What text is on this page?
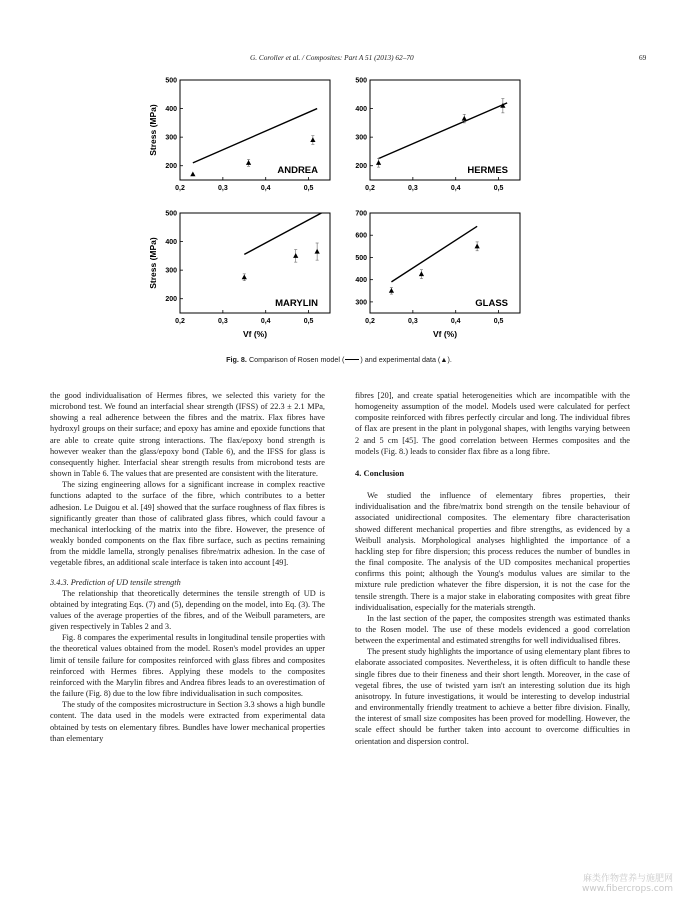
G. Coroller et al. / Composites: Part A 51 (2013) 62–70	69
0,2	0,3	0,4	0,5
200
300
400
500
ANDREA
Stress (MPa)
0,2	0,3	0,4	0,5
200
300
400
500
HERMES
0,2	0,3	0,4	0,5
200
300
400
500
MARYLIN
Stress (MPa)
Vf (%)
0,2	0,3	0,4	0,5
300
400
500
600
700
GLASS
Vf (%)
Fig. 8. Comparison of Rosen model ( ) and experimental data (▲).

the good individualisation of Hermes fibres, we selected this variety for the microbond test. We found an interfacial shear strength (IFSS) of 22.3 ± 2.1 MPa, showing a real adherence between the fibres and the matrix. Flax fibres have hydroxyl groups on their surface; and epoxy has amine and epoxide functions that are able to create quite strong interactions. The flax/epoxy bond strength is however weaker than the glass/epoxy bond (Table 6), and the IFSS for glass is consequently higher. Interfacial shear strength results from microbond tests are shown in Table 6. The values that are presented are consistent with the literature.

The sizing engineering allows for a significant increase in complex reactive functions adapted to the surface of the fibre, which contributes to a better adhesion. Le Duigou et al. [49] showed that the surface roughness of flax fibres is significantly greater than those of calibrated glass fibres, which could favour a mechanical interlocking of the matrix into the fibre. However, the presence of weakly bonded components on the flax fibre surface, such as pectins remaining from the middle lamella, strongly penalises fibre/matrix adhesion. In the case of vegetable fibres, an additional scale interface is taken into account [49].

3.4.3. Prediction of UD tensile strength

The relationship that theoretically determines the tensile strength of UD is obtained by integrating Eqs. (7) and (5), depending on the model, into Eq. (3). The values of the average properties of the fibres, and of the Weibull parameters, are given respectively in Tables 2 and 3.

Fig. 8 compares the experimental results in longitudinal tensile properties with the theoretical values obtained from the model. Rosen's model provides an upper limit of tensile failure for composites reinforced with glass fibres and composites reinforced with Hermes fibres. Applying these models to the composites reinforced with the Marylin fibres and Andrea fibres leads to an overestimation of the failure (Fig. 8) due to the low fibre individualisation in such composites.

The study of the composites microstructure in Section 3.3 shows a high bundle content. The data used in the models were extracted from experimental data obtained by tests on elementary fibres. Bundles have lower mechanical properties than elementary

fibres [20], and create spatial heterogeneities which are incompatible with the homogeneity assumption of the model. Models used were calculated for perfect composite reinforced with fibres perfectly circular and long. The individual fibres of flax are present in the plant in polygonal shapes, with lengths varying between 2 and 5 cm [45]. The good correlation between Hermes composites and the models (Fig. 8.) leads to consider flax fibre as a long fibre.

4. Conclusion

We studied the influence of elementary fibres properties, their individualisation and the fibre/matrix bond strength on the tensile behaviour of associated unidirectional composites. The elementary fibre characterisation showed different mechanical properties and fibre strengths, as evidenced by a Weibull analysis. Morphological analyses highlighted the importance of a hackling step for fibre dispersion; this process reduces the number of bundles in the final composite. The analysis of the UD composites mechanical properties confirms this point; although the Young's modulus values are similar to the mixture rule prediction whatever the fibre dispersion, it is not the case for the tensile strength. There is a major stake in elaborating composites with great fibre individualisation, especially for the materials strength.

In the last section of the paper, the composites strength was estimated thanks to the Rosen model. The use of these models evidenced a good correlation between the experimental and estimated strengths for well individualised fibres.

The present study highlights the importance of using elementary plant fibres to elaborate associated composites. Nevertheless, it is often difficult to handle these single fibres due to their fineness and their short length. Moreover, in the case of vegetal fibres, the use of twisted yarn isn't an interesting solution due its high anisotropy. In future investigations, it would be interesting to develop industrial and environmentally friendly treatment to achieve a better fibre division. Finally, the interest of small size composites has been proved for modelling. However, the scale effect should be further taken into account to overcome difficulties in orientation and dispersion control.

麻类作物营养与施肥网
www.fibercrops.com
